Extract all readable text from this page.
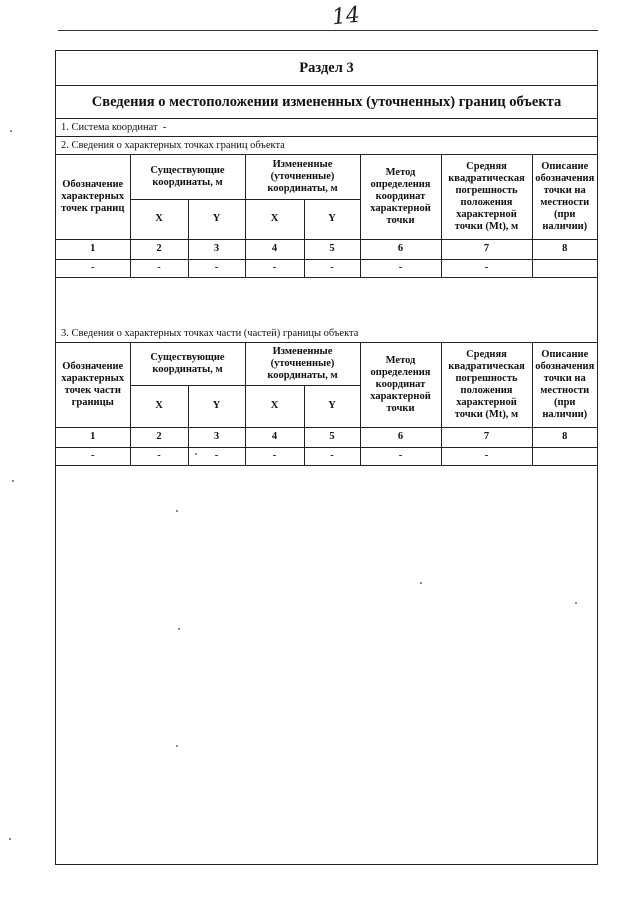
14
Раздел 3
Сведения о местоположении измененных (уточненных) границ объекта
1. Система координат -
2. Сведения о характерных точках границ объекта
Обозначение характерных точек границ	Существующие координаты, м		Измененные (уточненные) координаты, м		Метод определения координат характерной точки	Средняя квадратическая погрешность положения характерной точки (Mt), м	Описание обозначения точки на местности (при наличии)
	X	Y	X	Y			
1	2	3	4	5	6	7	8
-	-	-	-	-	-	-	
3. Сведения о характерных точках части (частей) границы объекта
Обозначение характерных точек части границы	Существующие координаты, м		Измененные (уточненные) координаты, м		Метод определения координат характерной точки	Средняя квадратическая погрешность положения характерной точки (Mt), м	Описание обозначения точки на местности (при наличии)
	X	Y	X	Y			
1	2	3	4	5	6	7	8
-	-	-	-	-	-	-	
